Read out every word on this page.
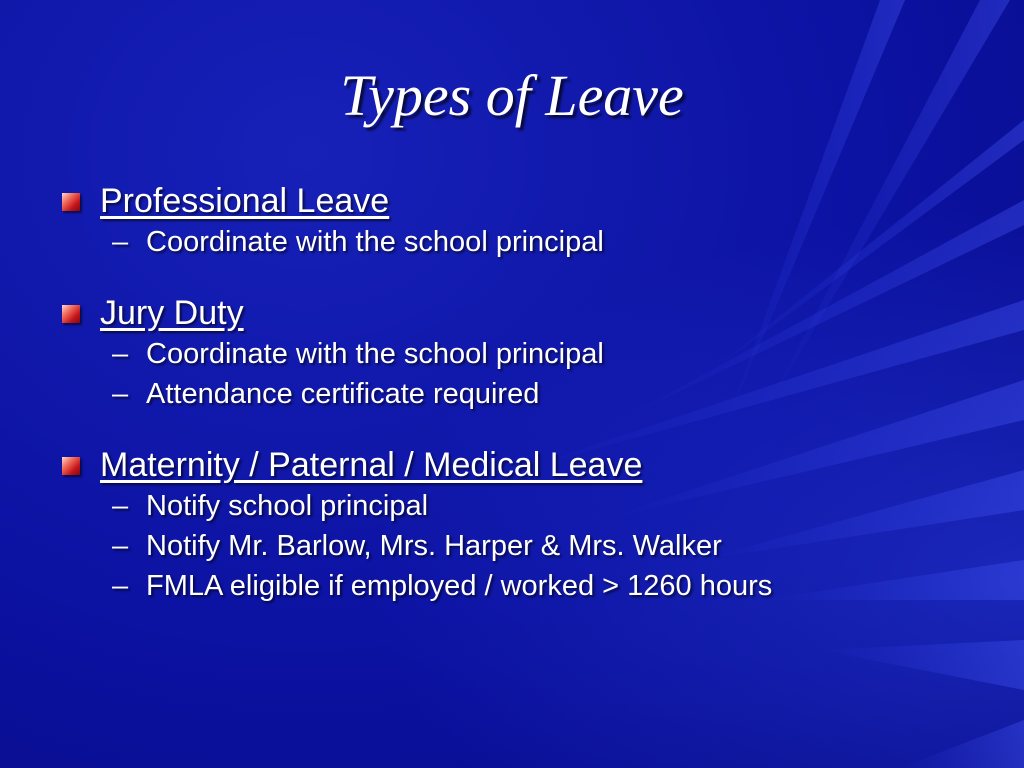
Types of Leave
Professional Leave
– Coordinate with the school principal
Jury Duty
– Coordinate with the school principal
– Attendance certificate required
Maternity / Paternal / Medical Leave
– Notify school principal
– Notify Mr. Barlow, Mrs. Harper & Mrs. Walker
– FMLA eligible if employed / worked > 1260 hours
